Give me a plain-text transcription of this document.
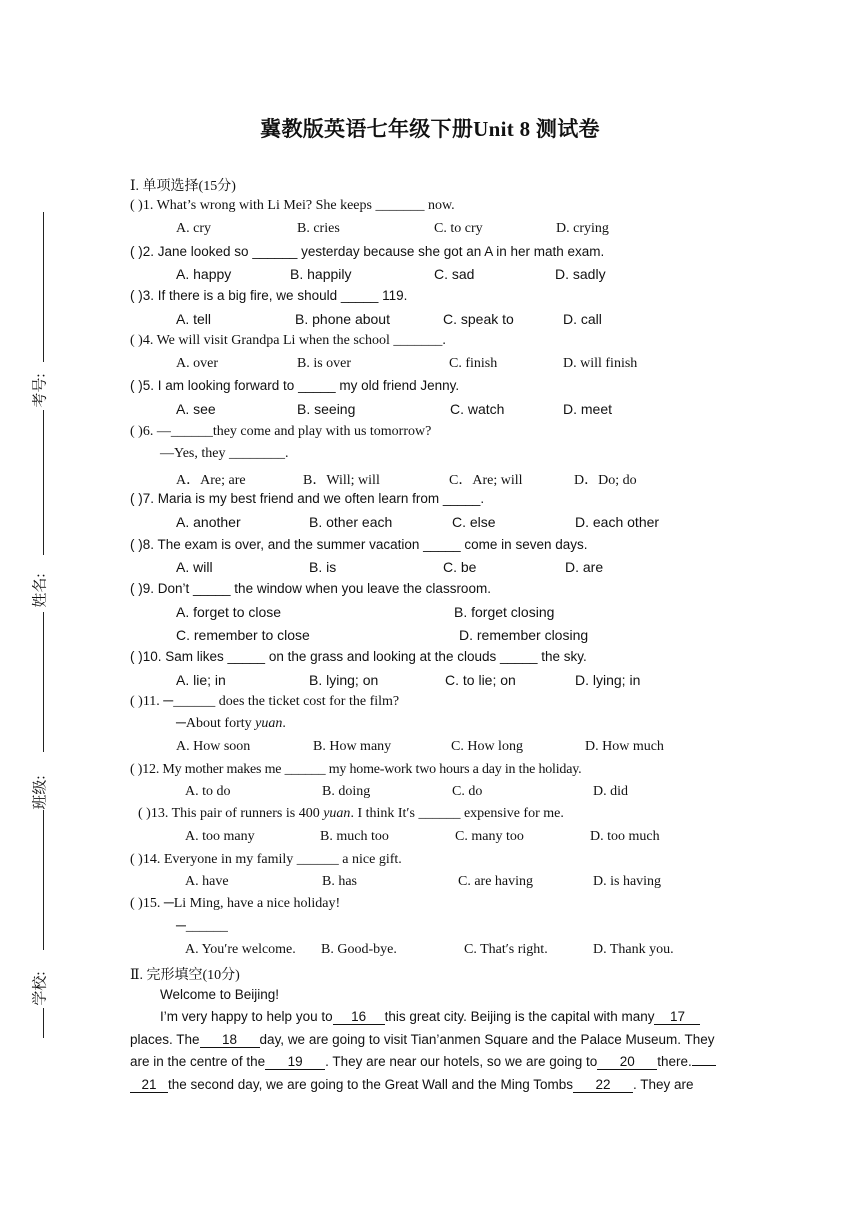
冀教版英语七年级下册Unit 8 测试卷
考号:
姓名:
班级:
学校:
Ⅰ. 单项选择(15分)
( )1. What’s wrong with Li Mei? She keeps _______ now.
A. cry	B. cries	C. to cry	D. crying
( )2. Jane looked so ______ yesterday because she got an A in her math exam.
A. happy	B. happily	C. sad	D. sadly
( )3. If there is a big fire, we should _____ 119.
A. tell	B. phone about	C. speak to	D. call
( )4. We will visit Grandpa Li when the school _______.
A. over	B. is over	C. finish	D. will finish
( )5. I am looking forward to _____ my old friend Jenny.
A. see	B. seeing	C. watch	D. meet
( )6. —______they come and play with us tomorrow?
—Yes, they ________.
A．Are; are	B．Will; will	C．Are; will	D．Do; do
( )7. Maria is my best friend and we often learn from _____.
A. another	B. other each	C. else	D. each other
( )8. The exam is over, and the summer vacation _____ come in seven days.
A. will	B. is	C. be	D. are
( )9. Don’t _____ the window when you leave the classroom.
A. forget to close	B. forget closing
C. remember to close	D. remember closing
( )10. Sam likes _____ on the grass and looking at the clouds _____ the sky.
A. lie; in	B. lying; on	C. to lie; on	D. lying; in
( )11. ─______ does the ticket cost for the film?
─About forty yuan.
A. How soon	B. How many	C. How long	D. How much
( )12. My mother makes me ______ my home-work two hours a day in the holiday.
A. to do	B. doing	C. do	D. did
( )13. This pair of runners is 400 yuan. I think It′s ______ expensive for me.
A. too many	B. much too	C. many too	D. too much
( )14. Everyone in my family ______ a nice gift.
A. have	B. has	C. are having	D. is having
( )15. ─Li Ming, have a nice holiday!
─______
A. You′re welcome. B. Good-bye.	C. That′s right.	D. Thank you.
Ⅱ. 完形填空(10分)
Welcome to Beijing!
I’m very happy to help you to 16 this great city. Beijing is the capital with many 17
places. The 18 day, we are going to visit Tian’anmen Square and the Palace Museum. They
are in the centre of the 19 . They are near our hotels, so we are going to 20 there.
21 the second day, we are going to the Great Wall and the Ming Tombs 22 . They are
